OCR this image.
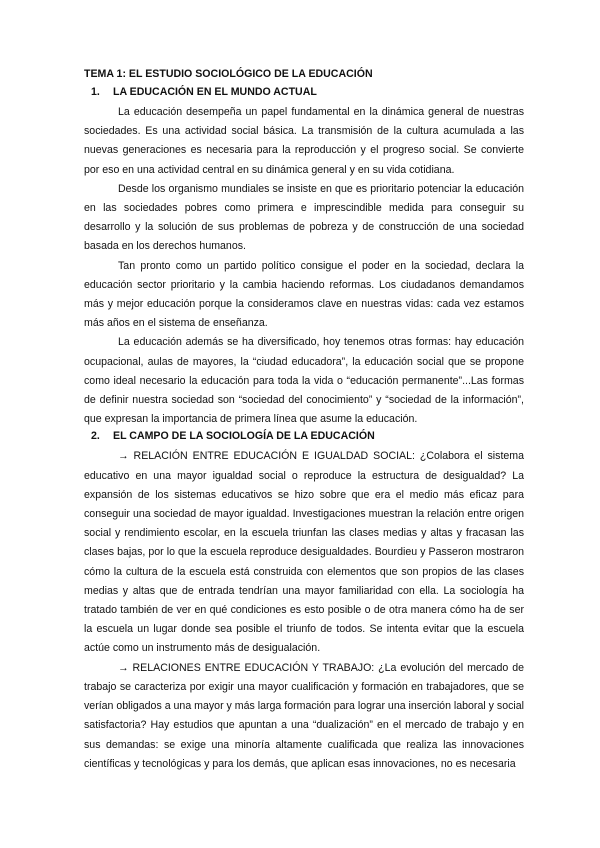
TEMA 1: EL ESTUDIO SOCIOLÓGICO DE LA EDUCACIÓN
1.	LA EDUCACIÓN EN EL MUNDO ACTUAL

La educación desempeña un papel fundamental en la dinámica general de nuestras sociedades. Es una actividad social básica. La transmisión de la cultura acumulada a las nuevas generaciones es necesaria para la reproducción y el progreso social. Se convierte por eso en una actividad central en su dinámica general y en su vida cotidiana.

Desde los organismo mundiales se insiste en que es prioritario potenciar la educación en las sociedades pobres como primera e imprescindible medida para conseguir su desarrollo y la solución de sus problemas de pobreza y de construcción de una sociedad basada en los derechos humanos.

Tan pronto como un partido político consigue el poder en la sociedad, declara la educación sector prioritario y la cambia haciendo reformas. Los ciudadanos demandamos más y mejor educación porque la consideramos clave en nuestras vidas: cada vez estamos más años en el sistema de enseñanza.

La educación además se ha diversificado, hoy tenemos otras formas: hay educación ocupacional, aulas de mayores, la “ciudad educadora”, la educación social que se propone como ideal necesario la educación para toda la vida o “educación permanente”...Las formas de definir nuestra sociedad son “sociedad del conocimiento” y “sociedad de la información”, que expresan la importancia de primera línea que asume la educación.

2.	EL CAMPO DE LA SOCIOLOGÍA DE LA EDUCACIÓN

→ RELACIÓN ENTRE EDUCACIÓN E IGUALDAD SOCIAL: ¿Colabora el sistema educativo en una mayor igualdad social o reproduce la estructura de desigualdad? La expansión de los sistemas educativos se hizo sobre que era el medio más eficaz para conseguir una sociedad de mayor igualdad. Investigaciones muestran la relación entre origen social y rendimiento escolar, en la escuela triunfan las clases medias y altas y fracasan las clases bajas, por lo que la escuela reproduce desigualdades. Bourdieu y Passeron mostraron cómo la cultura de la escuela está construida con elementos que son propios de las clases medias y altas que de entrada tendrían una mayor familiaridad con ella. La sociología ha tratado también de ver en qué condiciones es esto posible o de otra manera cómo ha de ser la escuela un lugar donde sea posible el triunfo de todos. Se intenta evitar que la escuela actúe como un instrumento más de desigualación.

→ RELACIONES ENTRE EDUCACIÓN Y TRABAJO: ¿La evolución del mercado de trabajo se caracteriza por exigir una mayor cualificación y formación en trabajadores, que se verían obligados a una mayor y más larga formación para lograr una inserción laboral y social satisfactoria? Hay estudios que apuntan a una “dualización” en el mercado de trabajo y en sus demandas: se exige una minoría altamente cualificada que realiza las innovaciones científicas y tecnológicas y para los demás, que aplican esas innovaciones, no es necesaria
